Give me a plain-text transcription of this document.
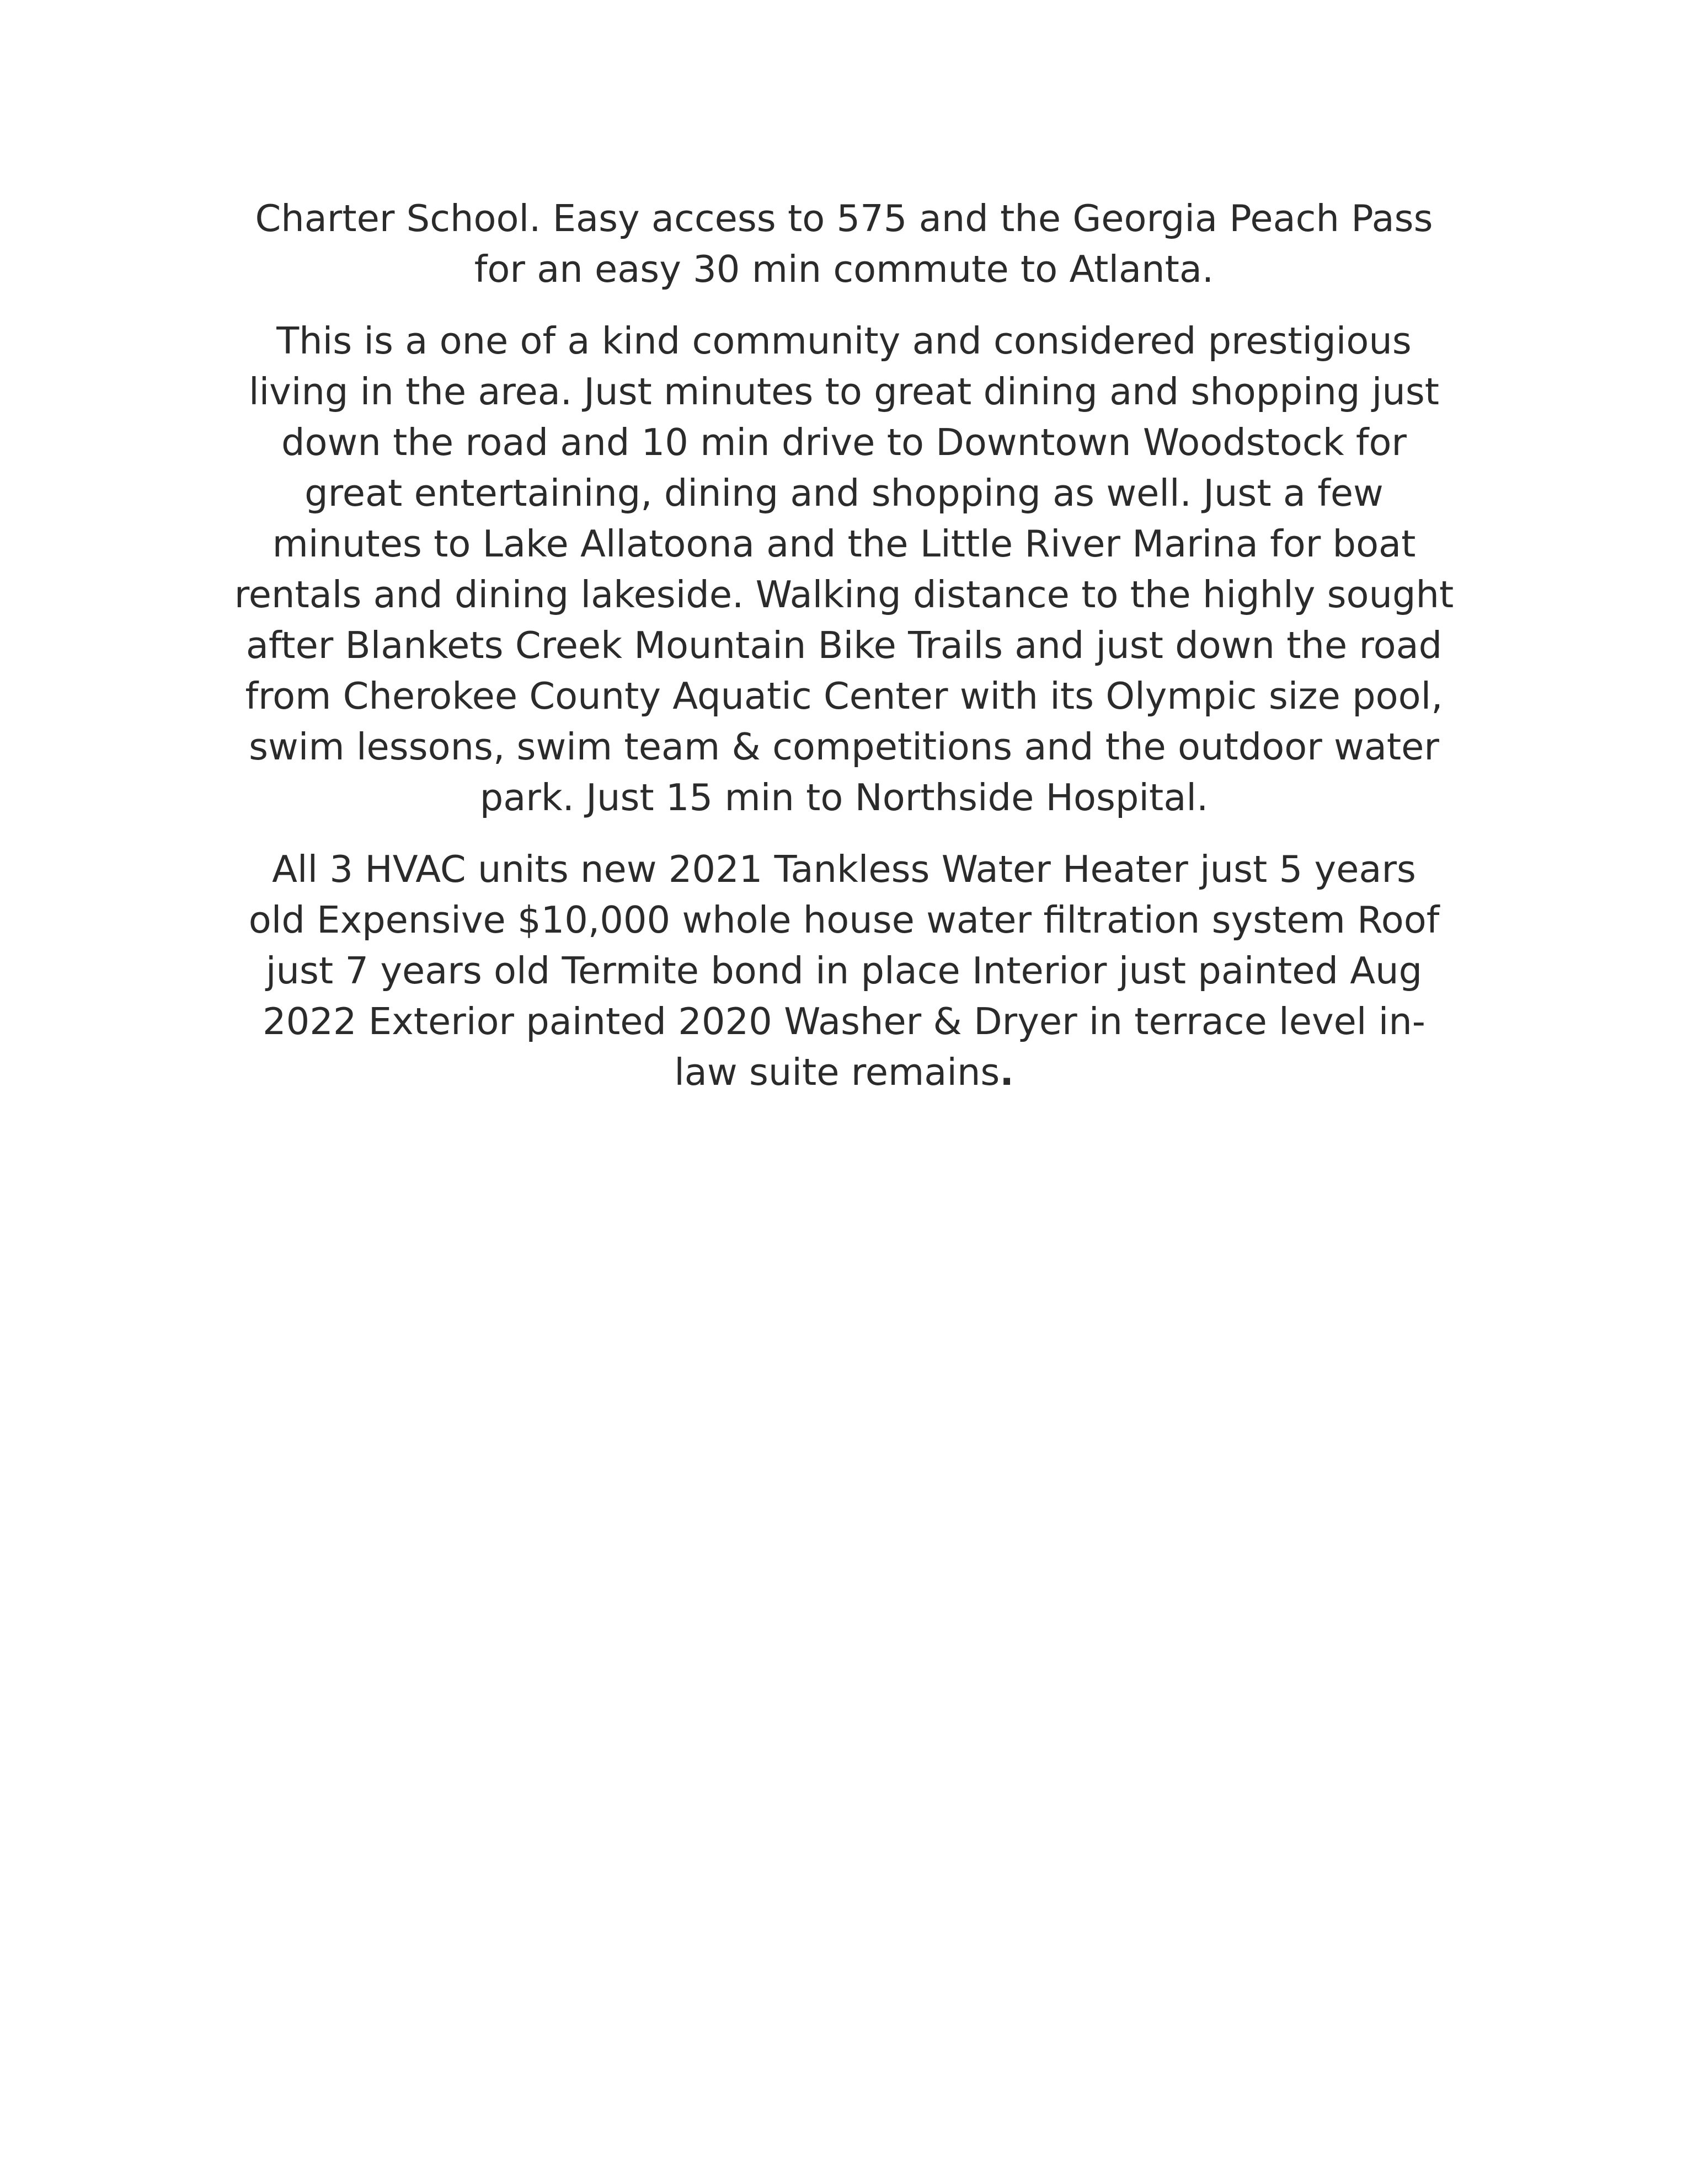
Charter School. Easy access to 575 and the Georgia Peach Pass
for an easy 30 min commute to Atlanta.
This is a one of a kind community and considered prestigious
living in the area. Just minutes to great dining and shopping just
down the road and 10 min drive to Downtown Woodstock for
great entertaining, dining and shopping as well. Just a few
minutes to Lake Allatoona and the Little River Marina for boat
rentals and dining lakeside. Walking distance to the highly sought
after Blankets Creek Mountain Bike Trails and just down the road
from Cherokee County Aquatic Center with its Olympic size pool,
swim lessons, swim team & competitions and the outdoor water
park. Just 15 min to Northside Hospital.
All 3 HVAC units new 2021 Tankless Water Heater just 5 years
old Expensive $10,000 whole house water filtration system Roof
just 7 years old Termite bond in place Interior just painted Aug
2022 Exterior painted 2020 Washer & Dryer in terrace level in-
law suite remains.
